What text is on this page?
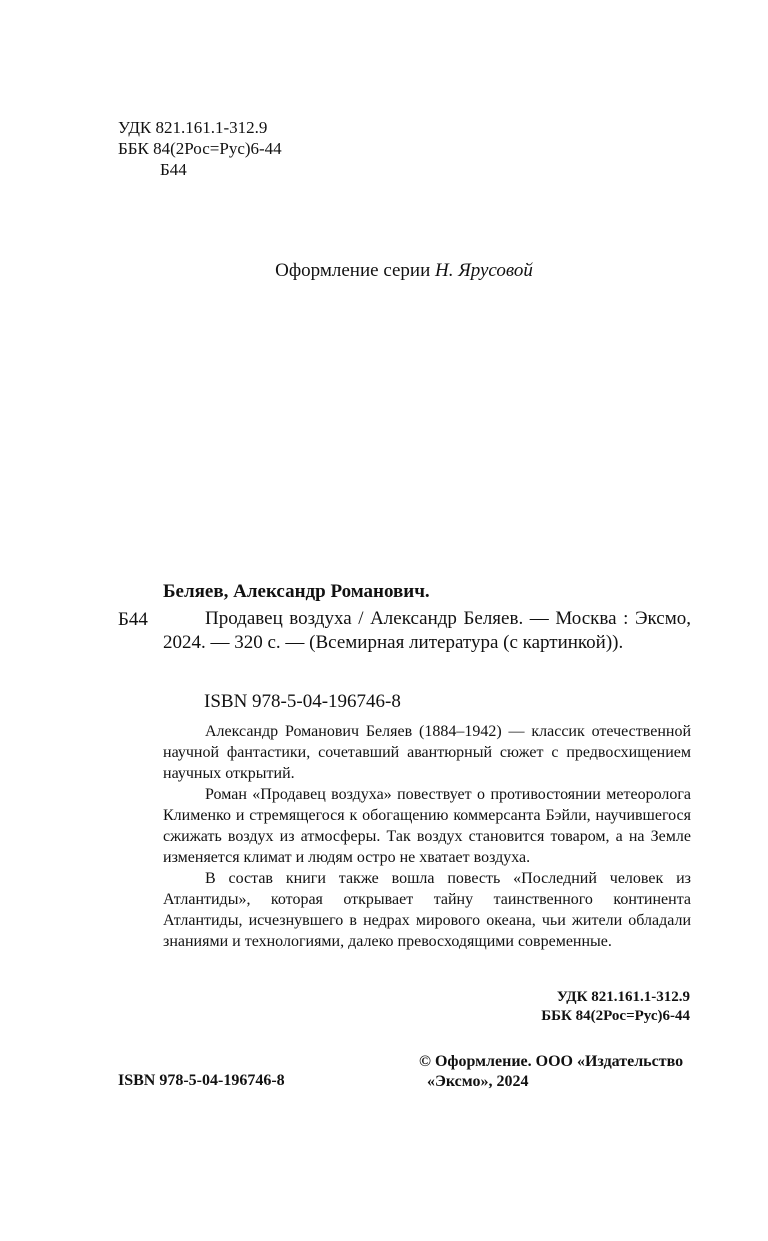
УДК 821.161.1-312.9
ББК 84(2Рос=Рус)6-44
Б44
Оформление серии Н. Ярусовой
Беляев, Александр Романович.
Б44	Продавец воздуха / Александр Беляев. — Москва : Эксмо, 2024. — 320 с. — (Всемирная литература (с картинкой)).
ISBN 978-5-04-196746-8

Александр Романович Беляев (1884–1942) — классик отечественной научной фантастики, сочетавший авантюрный сюжет с предвосхищением научных открытий.

Роман «Продавец воздуха» повествует о противостоянии метеоролога Клименко и стремящегося к обогащению коммерсанта Бэйли, научившегося сжижать воздух из атмосферы. Так воздух становится товаром, а на Земле изменяется климат и людям остро не хватает воздуха.

В состав книги также вошла повесть «Последний человек из Атлантиды», которая открывает тайну таинственного континента Атлантиды, исчезнувшего в недрах мирового океана, чьи жители обладали знаниями и технологиями, далеко превосходящими современные.

УДК 821.161.1-312.9
ББК 84(2Рос=Рус)6-44
ISBN 978-5-04-196746-8
© Оформление. ООО «Издательство
«Эксмо», 2024
